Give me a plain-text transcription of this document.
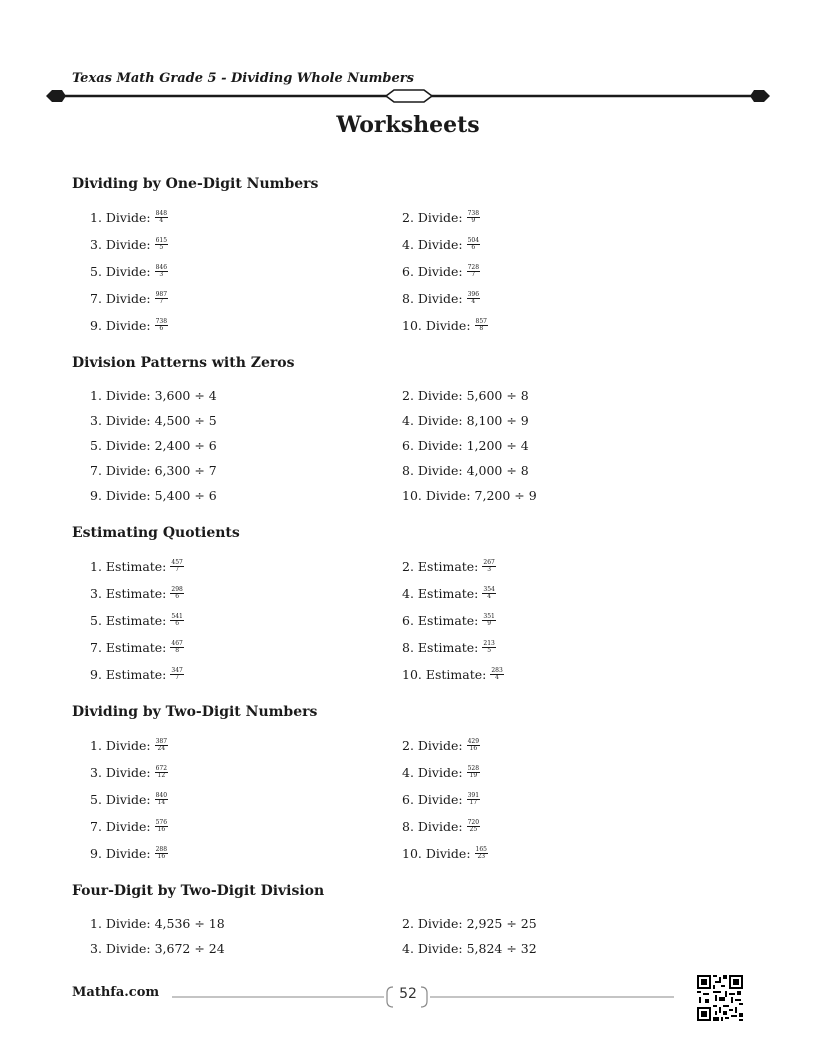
Texas Math Grade 5 - Dividing Whole Numbers
Worksheets
Dividing by One-Digit Numbers
1. Divide: $\frac{848}{4}$	2. Divide: $\frac{738}{9}$
3. Divide: $\frac{615}{5}$	4. Divide: $\frac{504}{6}$
5. Divide: $\frac{846}{3}$	6. Divide: $\frac{728}{7}$
7. Divide: $\frac{987}{7}$	8. Divide: $\frac{396}{4}$
9. Divide: $\frac{738}{6}$	10. Divide: $\frac{857}{8}$
Division Patterns with Zeros
1. Divide: 3,600 ÷ 4	2. Divide: 5,600 ÷ 8
3. Divide: 4,500 ÷ 5	4. Divide: 8,100 ÷ 9
5. Divide: 2,400 ÷ 6	6. Divide: 1,200 ÷ 4
7. Divide: 6,300 ÷ 7	8. Divide: 4,000 ÷ 8
9. Divide: 5,400 ÷ 6	10. Divide: 7,200 ÷ 9
Estimating Quotients
1. Estimate: $\frac{457}{7}$	2. Estimate: $\frac{267}{3}$
3. Estimate: $\frac{298}{6}$	4. Estimate: $\frac{354}{4}$
5. Estimate: $\frac{541}{6}$	6. Estimate: $\frac{351}{9}$
7. Estimate: $\frac{467}{8}$	8. Estimate: $\frac{213}{5}$
9. Estimate: $\frac{347}{7}$	10. Estimate: $\frac{283}{4}$
Dividing by Two-Digit Numbers
1. Divide: $\frac{387}{24}$	2. Divide: $\frac{429}{16}$
3. Divide: $\frac{672}{12}$	4. Divide: $\frac{528}{19}$
5. Divide: $\frac{840}{14}$	6. Divide: $\frac{391}{17}$
7. Divide: $\frac{576}{16}$	8. Divide: $\frac{720}{25}$
9. Divide: $\frac{288}{16}$	10. Divide: $\frac{165}{23}$
Four-Digit by Two-Digit Division
1. Divide: 4,536 ÷ 18	2. Divide: 2,925 ÷ 25
3. Divide: 3,672 ÷ 24	4. Divide: 5,824 ÷ 32
Mathfa.com	52
